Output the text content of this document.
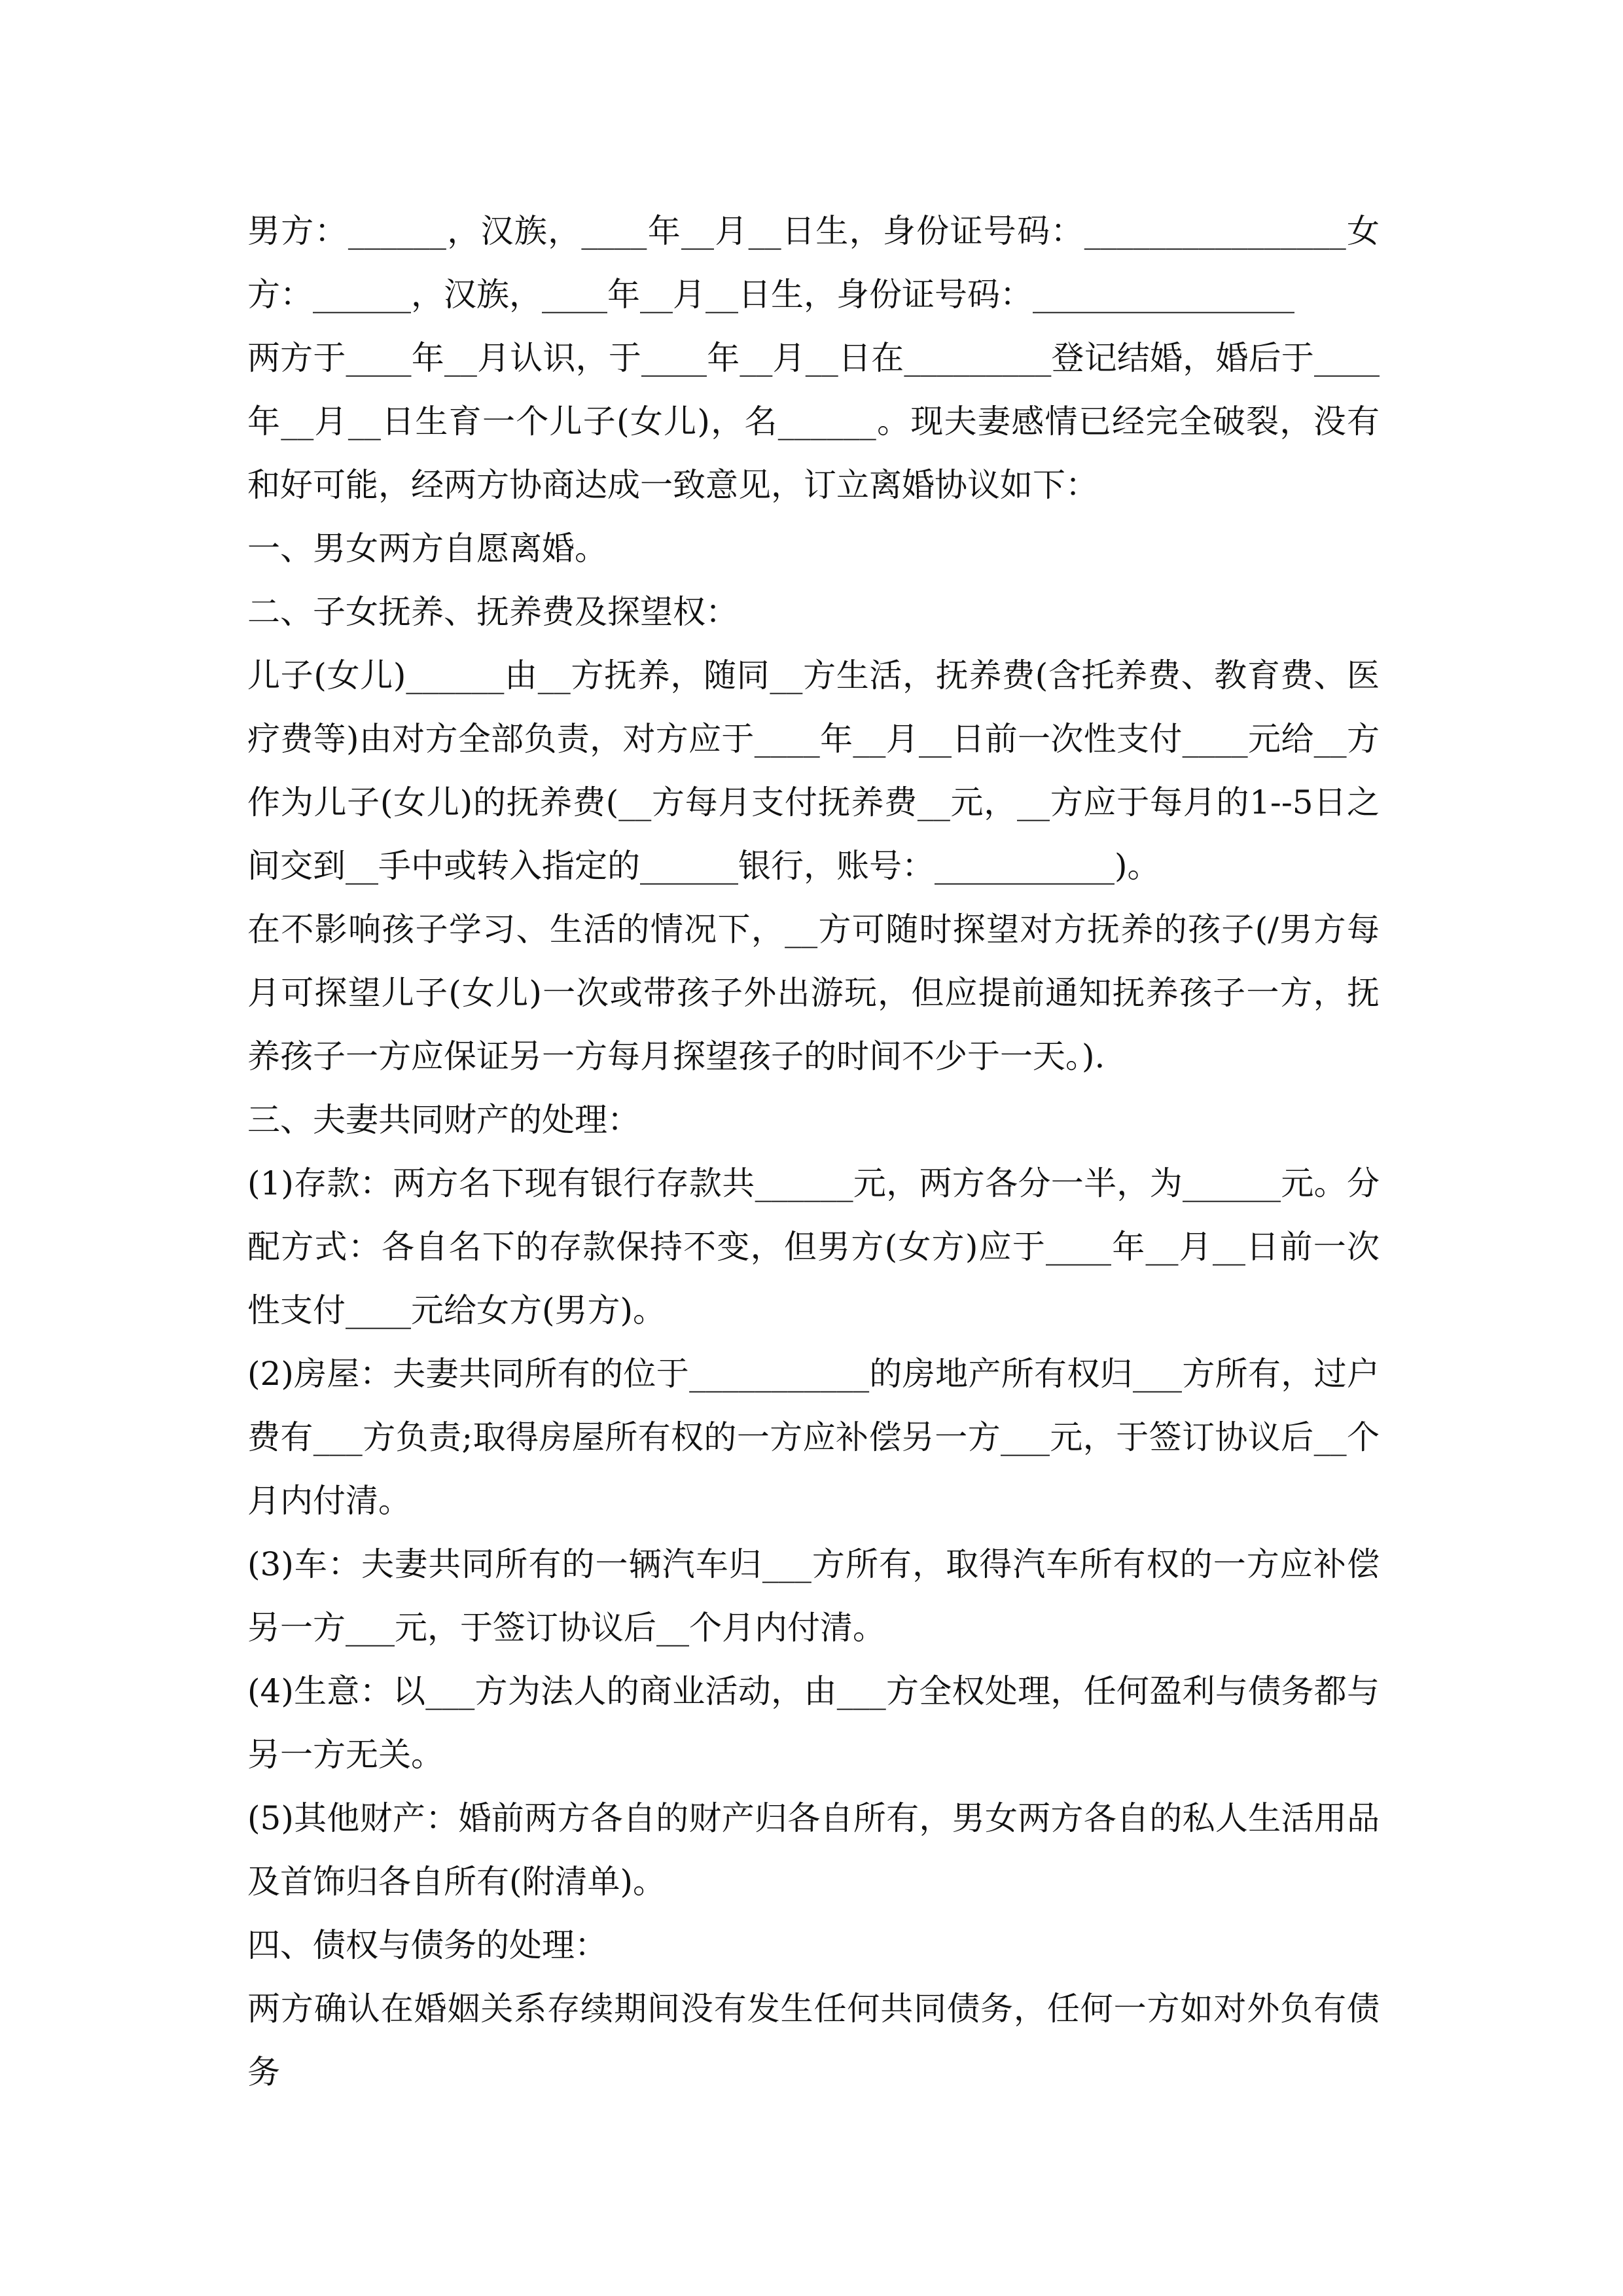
男方：______，汉族，____年__月__日生，身份证号码：________________女方：______，汉族，____年__月__日生，身份证号码：________________

两方于____年__月认识，于____年__月__日在_________登记结婚，婚后于____年__月__日生育一个儿子(女儿)，名______。现夫妻感情已经完全破裂，没有和好可能，经两方协商达成一致意见，订立离婚协议如下：

一、男女两方自愿离婚。

二、子女抚养、抚养费及探望权：

儿子(女儿)______由__方抚养，随同__方生活，抚养费(含托养费、教育费、医疗费等)由对方全部负责，对方应于____年__月__日前一次性支付____元给__方作为儿子(女儿)的抚养费(__方每月支付抚养费__元，__方应于每月的1--5日之间交到__手中或转入指定的______银行，账号：___________)。

在不影响孩子学习、生活的情况下，__方可随时探望对方抚养的孩子(/男方每月可探望儿子(女儿)一次或带孩子外出游玩，但应提前通知抚养孩子一方，抚养孩子一方应保证另一方每月探望孩子的时间不少于一天。).

三、夫妻共同财产的处理：

(1)存款：两方名下现有银行存款共______元，两方各分一半，为______元。分配方式：各自名下的存款保持不变，但男方(女方)应于____年__月__日前一次性支付____元给女方(男方)。

(2)房屋：夫妻共同所有的位于___________的房地产所有权归___方所有，过户费有___方负责;取得房屋所有权的一方应补偿另一方___元，于签订协议后__个月内付清。

(3)车：夫妻共同所有的一辆汽车归___方所有，取得汽车所有权的一方应补偿另一方___元，于签订协议后__个月内付清。

(4)生意：以___方为法人的商业活动，由___方全权处理，任何盈利与债务都与另一方无关。

(5)其他财产：婚前两方各自的财产归各自所有，男女两方各自的私人生活用品及首饰归各自所有(附清单)。

四、债权与债务的处理：

两方确认在婚姻关系存续期间没有发生任何共同债务，任何一方如对外负有债务
